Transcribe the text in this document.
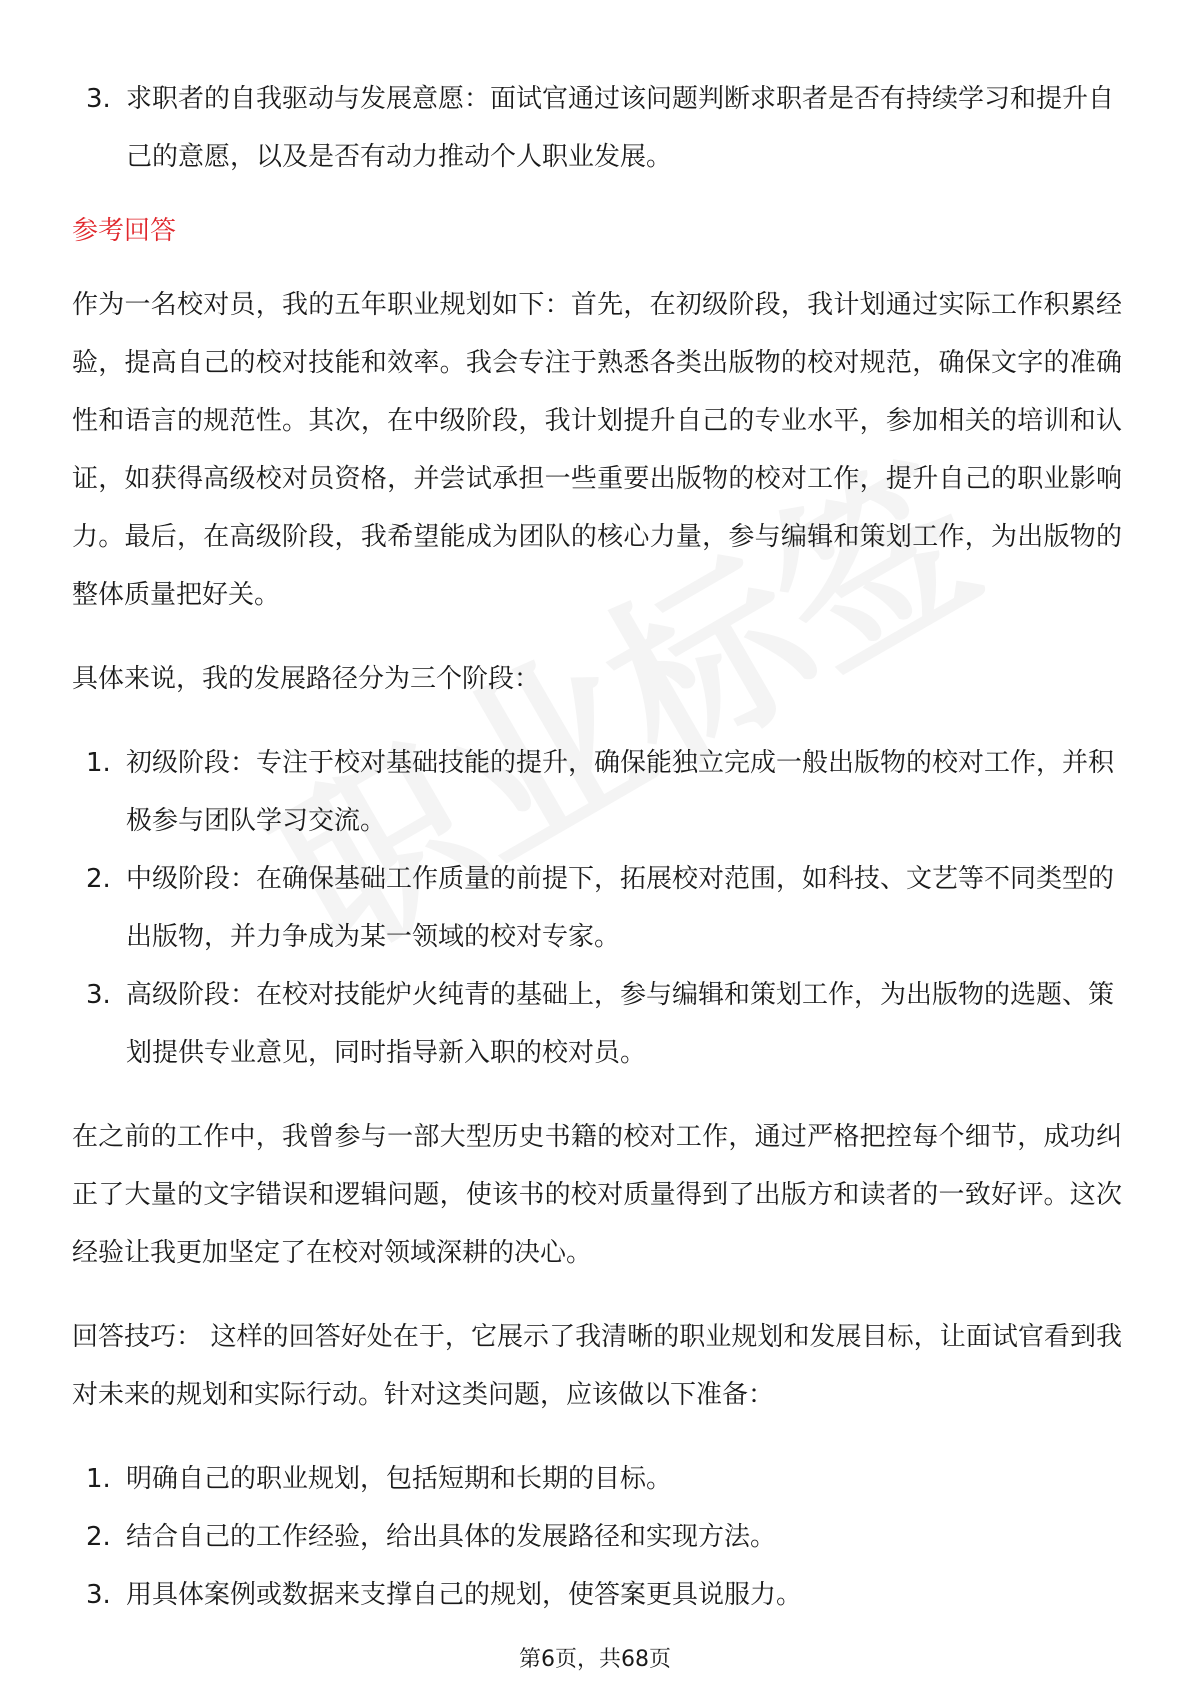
3. 求职者的自我驱动与发展意愿：面试官通过该问题判断求职者是否有持续学习和提升自己的意愿，以及是否有动力推动个人职业发展。

参考回答

作为一名校对员，我的五年职业规划如下：首先，在初级阶段，我计划通过实际工作积累经验，提高自己的校对技能和效率。我会专注于熟悉各类出版物的校对规范，确保文字的准确性和语言的规范性。其次，在中级阶段，我计划提升自己的专业水平，参加相关的培训和认证，如获得高级校对员资格，并尝试承担一些重要出版物的校对工作，提升自己的职业影响力。最后，在高级阶段，我希望能成为团队的核心力量，参与编辑和策划工作，为出版物的整体质量把好关。

具体来说，我的发展路径分为三个阶段：

1. 初级阶段：专注于校对基础技能的提升，确保能独立完成一般出版物的校对工作，并积极参与团队学习交流。
2. 中级阶段：在确保基础工作质量的前提下，拓展校对范围，如科技、文艺等不同类型的出版物，并力争成为某一领域的校对专家。
3. 高级阶段：在校对技能炉火纯青的基础上，参与编辑和策划工作，为出版物的选题、策划提供专业意见，同时指导新入职的校对员。

在之前的工作中，我曾参与一部大型历史书籍的校对工作，通过严格把控每个细节，成功纠正了大量的文字错误和逻辑问题，使该书的校对质量得到了出版方和读者的一致好评。这次经验让我更加坚定了在校对领域深耕的决心。

回答技巧： 这样的回答好处在于，它展示了我清晰的职业规划和发展目标，让面试官看到我对未来的规划和实际行动。针对这类问题，应该做以下准备：

1. 明确自己的职业规划，包括短期和长期的目标。
2. 结合自己的工作经验，给出具体的发展路径和实现方法。
3. 用具体案例或数据来支撑自己的规划，使答案更具说服力。
第6页，共68页
